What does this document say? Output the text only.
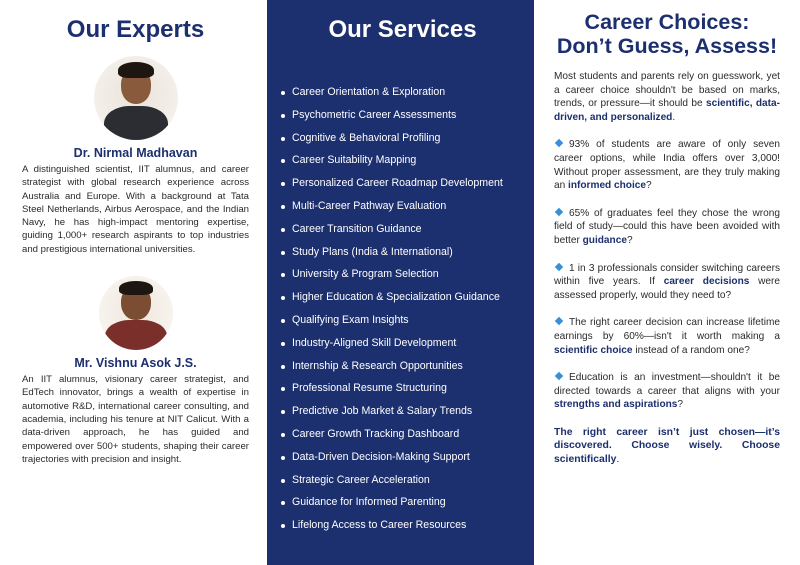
Our Experts
Dr. Nirmal Madhavan

A distinguished scientist, IIT alumnus, and career strategist with global research experience across Australia and Europe. With a background at Tata Steel Netherlands, Airbus Aerospace, and the Indian Navy, he has high-impact mentoring expertise, guiding 1,000+ research aspirants to top industries and prestigious international universities.

Mr. Vishnu Asok J.S.

An IIT alumnus, visionary career strategist, and EdTech innovator, brings a wealth of expertise in automotive R&D, international career consulting, and academia, including his tenure at NIT Calicut. With a data-driven approach, he has guided and empowered over 500+ students, shaping their career trajectories with precision and insight.

Our Services
Career Orientation & Exploration
Psychometric Career Assessments
Cognitive & Behavioral Profiling
Career Suitability Mapping
Personalized Career Roadmap Development
Multi-Career Pathway Evaluation
Career Transition Guidance
Study Plans (India & International)
University & Program Selection
Higher Education & Specialization Guidance
Qualifying Exam Insights
Industry-Aligned Skill Development
Internship & Research Opportunities
Professional Resume Structuring
Predictive Job Market & Salary Trends
Career Growth Tracking Dashboard
Data-Driven Decision-Making Support
Strategic Career Acceleration
Guidance for Informed Parenting
Lifelong Access to Career Resources
Career Choices:
Don’t Guess, Assess!

Most students and parents rely on guesswork, yet a career choice shouldn't be based on marks, trends, or pressure—it should be scientific, data-driven, and personalized.

93% of students are aware of only seven career options, while India offers over 3,000! Without proper assessment, are they truly making an informed choice?

65% of graduates feel they chose the wrong field of study—could this have been avoided with better guidance?

1 in 3 professionals consider switching careers within five years. If career decisions were assessed properly, would they need to?

The right career decision can increase lifetime earnings by 60%—isn't it worth making a scientific choice instead of a random one?

Education is an investment—shouldn't it be directed towards a career that aligns with your strengths and aspirations?

The right career isn’t just chosen—it’s discovered. Choose wisely. Choose scientifically.
